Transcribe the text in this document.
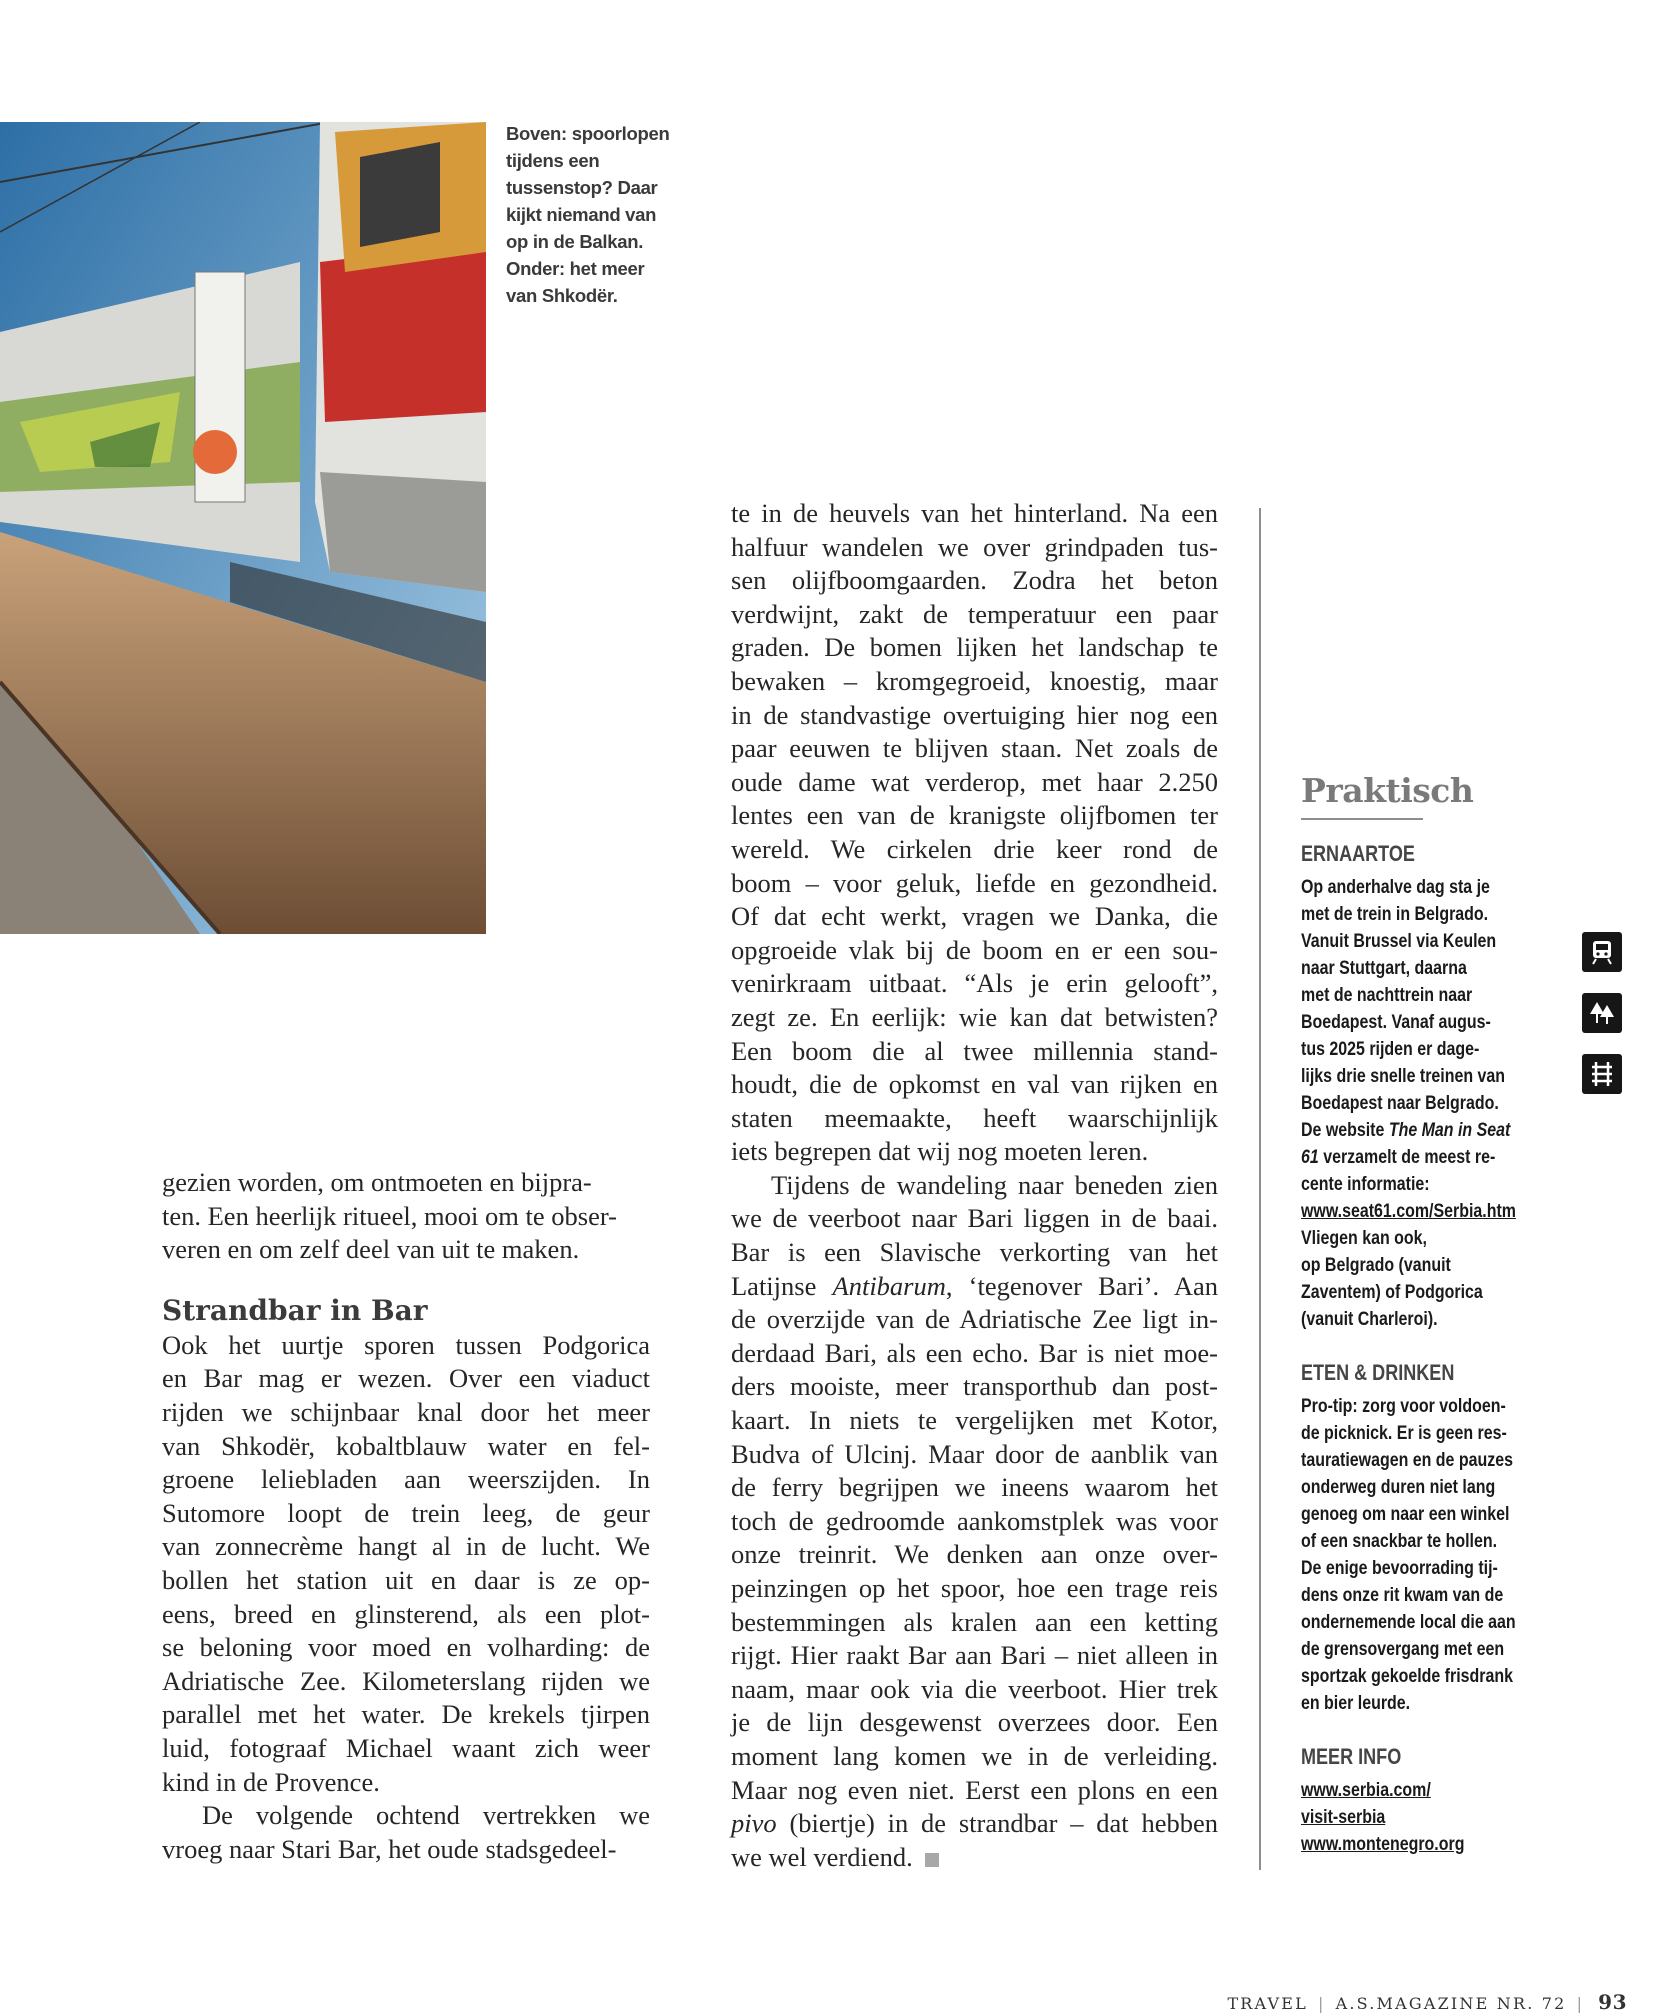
Boven: spoorlopen
tijdens een
tussenstop? Daar
kijkt niemand van
op in de Balkan.
Onder: het meer
van Shkodër.
gezien worden, om ontmoeten en bijpra-
ten. Een heerlijk ritueel, mooi om te obser-
veren en om zelf deel van uit te maken.
Strandbar in Bar
Ook het uurtje sporen tussen Podgorica
en Bar mag er wezen. Over een viaduct
rijden we schijnbaar knal door het meer
van Shkodër, kobaltblauw water en fel-
groene leliebladen aan weerszijden. In
Sutomore loopt de trein leeg, de geur
van zonnecrème hangt al in de lucht. We
bollen het station uit en daar is ze op-
eens, breed en glinsterend, als een plot-
se beloning voor moed en volharding: de
Adriatische Zee. Kilometerslang rijden we
parallel met het water. De krekels tjirpen
luid, fotograaf Michael waant zich weer
kind in de Provence.
De volgende ochtend vertrekken we
vroeg naar Stari Bar, het oude stadsgedeel-
te in de heuvels van het hinterland. Na een
halfuur wandelen we over grindpaden tus-
sen olijfboomgaarden. Zodra het beton
verdwijnt, zakt de temperatuur een paar
graden. De bomen lijken het landschap te
bewaken – kromgegroeid, knoestig, maar
in de standvastige overtuiging hier nog een
paar eeuwen te blijven staan. Net zoals de
oude dame wat verderop, met haar 2.250
lentes een van de kranigste olijfbomen ter
wereld. We cirkelen drie keer rond de
boom – voor geluk, liefde en gezondheid.
Of dat echt werkt, vragen we Danka, die
opgroeide vlak bij de boom en er een sou-
venirkraam uitbaat. “Als je erin gelooft”,
zegt ze. En eerlijk: wie kan dat betwisten?
Een boom die al twee millennia stand-
houdt, die de opkomst en val van rijken en
staten meemaakte, heeft waarschijnlijk
iets begrepen dat wij nog moeten leren.
Tijdens de wandeling naar beneden zien
we de veerboot naar Bari liggen in de baai.
Bar is een Slavische verkorting van het
Latijnse Antibarum, ‘tegenover Bari’. Aan
de overzijde van de Adriatische Zee ligt in-
derdaad Bari, als een echo. Bar is niet moe-
ders mooiste, meer transporthub dan post-
kaart. In niets te vergelijken met Kotor,
Budva of Ulcinj. Maar door de aanblik van
de ferry begrijpen we ineens waarom het
toch de gedroomde aankomstplek was voor
onze treinrit. We denken aan onze over-
peinzingen op het spoor, hoe een trage reis
bestemmingen als kralen aan een ketting
rijgt. Hier raakt Bar aan Bari – niet alleen in
naam, maar ook via die veerboot. Hier trek
je de lijn desgewenst overzees door. Een
moment lang komen we in de verleiding.
Maar nog even niet. Eerst een plons en een
pivo (biertje) in de strandbar – dat hebben
we wel verdiend.
Praktisch
ERNAARTOE
Op anderhalve dag sta je
met de trein in Belgrado.
Vanuit Brussel via Keulen
naar Stuttgart, daarna
met de nachttrein naar
Boedapest. Vanaf augus-
tus 2025 rijden er dage-
lijks drie snelle treinen van
Boedapest naar Belgrado.
De website The Man in Seat
61 verzamelt de meest re-
cente informatie:
www.seat61.com/Serbia.htm
Vliegen kan ook,
op Belgrado (vanuit
Zaventem) of Podgorica
(vanuit Charleroi).
ETEN & DRINKEN
Pro-tip: zorg voor voldoen-
de picknick. Er is geen res-
tauratiewagen en de pauzes
onderweg duren niet lang
genoeg om naar een winkel
of een snackbar te hollen.
De enige bevoorrading tij-
dens onze rit kwam van de
ondernemende local die aan
de grensovergang met een
sportzak gekoelde frisdrank
en bier leurde.
MEER INFO
www.serbia.com/
visit-serbia
www.montenegro.org
TRAVEL | A.S.MAGAZINE NR. 72 | 93
